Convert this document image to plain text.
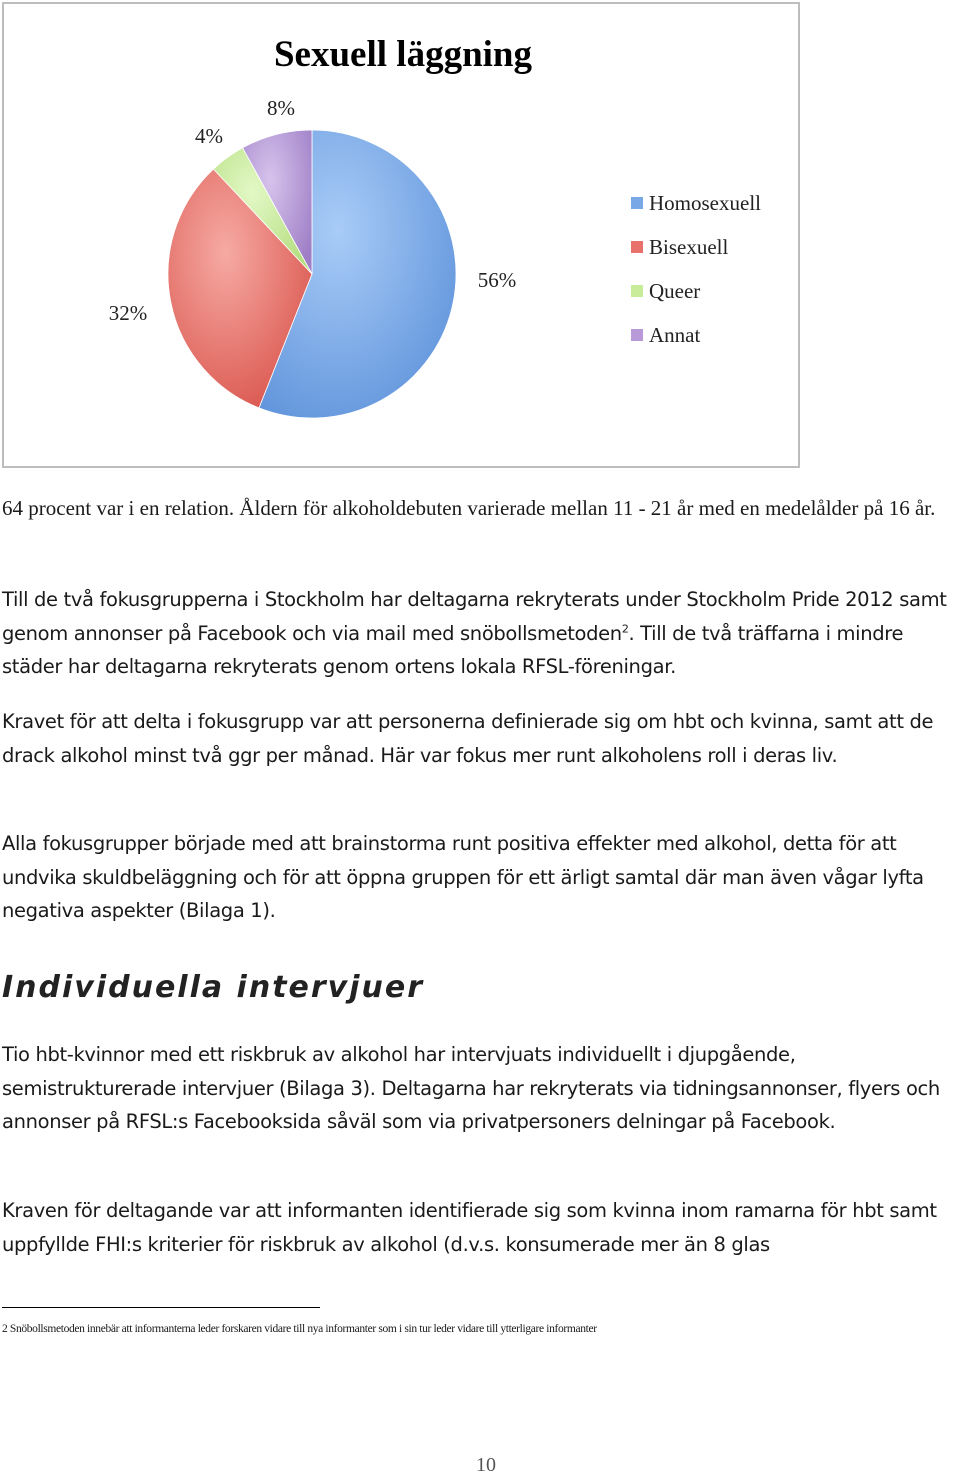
Sexuell läggning
56%
32%
4%
8%
Homosexuell
Bisexuell
Queer
Annat

64 procent var i en relation. Åldern för alkoholdebuten varierade mellan 11 - 21 år med en medelålder på 16 år.

Till de två fokusgrupperna i Stockholm har deltagarna rekryterats under Stockholm Pride 2012 samt genom annonser på Facebook och via mail med snöbollsmetoden$^2$. Till de två träffarna i mindre städer har deltagarna rekryterats genom ortens lokala RFSL-föreningar.

Kravet för att delta i fokusgrupp var att personerna definierade sig om hbt och kvinna, samt att de drack alkohol minst två ggr per månad. Här var fokus mer runt alkoholens roll i deras liv.

Alla fokusgrupper började med att brainstorma runt positiva effekter med alkohol, detta för att undvika skuldbeläggning och för att öppna gruppen för ett ärligt samtal där man även vågar lyfta negativa aspekter (Bilaga 1).

Individuella intervjuer

Tio hbt-kvinnor med ett riskbruk av alkohol har intervjuats individuellt i djupgående, semistrukturerade intervjuer (Bilaga 3). Deltagarna har rekryterats via tidningsannonser, flyers och annonser på RFSL:s Facebooksida såväl som via privatpersoners delningar på Facebook.

Kraven för deltagande var att informanten identifierade sig som kvinna inom ramarna för hbt samt uppfyllde FHI:s kriterier för riskbruk av alkohol (d.v.s. konsumerade mer än 8 glas

2 Snöbollsmetoden innebär att informanterna leder forskaren vidare till nya informanter som i sin tur leder vidare till ytterligare informanter
10
